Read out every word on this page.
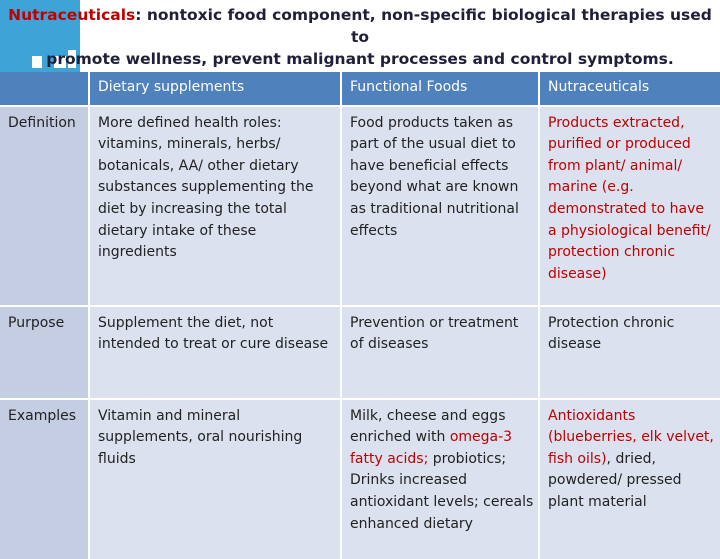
Nutraceuticals: nontoxic food component, non-specific biological therapies used to
promote wellness, prevent malignant processes and control symptoms.
	Dietary supplements	Functional Foods	Nutraceuticals
Definition	More defined health roles: vitamins, minerals, herbs/ botanicals, AA/ other dietary substances supplementing the diet by increasing the total dietary intake of these ingredients	Food products taken as part of the usual diet to have beneficial effects beyond what are known as traditional nutritional effects	Products extracted, purified or produced from plant/ animal/ marine (e.g. demonstrated to have a physiological benefit/ protection chronic disease)
Purpose	Supplement the diet, not intended to treat or cure disease	Prevention or treatment of diseases	Protection chronic disease
Examples	Vitamin and mineral supplements, oral nourishing fluids	Milk, cheese and eggs enriched with omega-3 fatty acids; probiotics; Drinks increased antioxidant levels; cereals enhanced dietary	Antioxidants (blueberries, elk velvet, fish oils), dried, powdered/ pressed plant material
